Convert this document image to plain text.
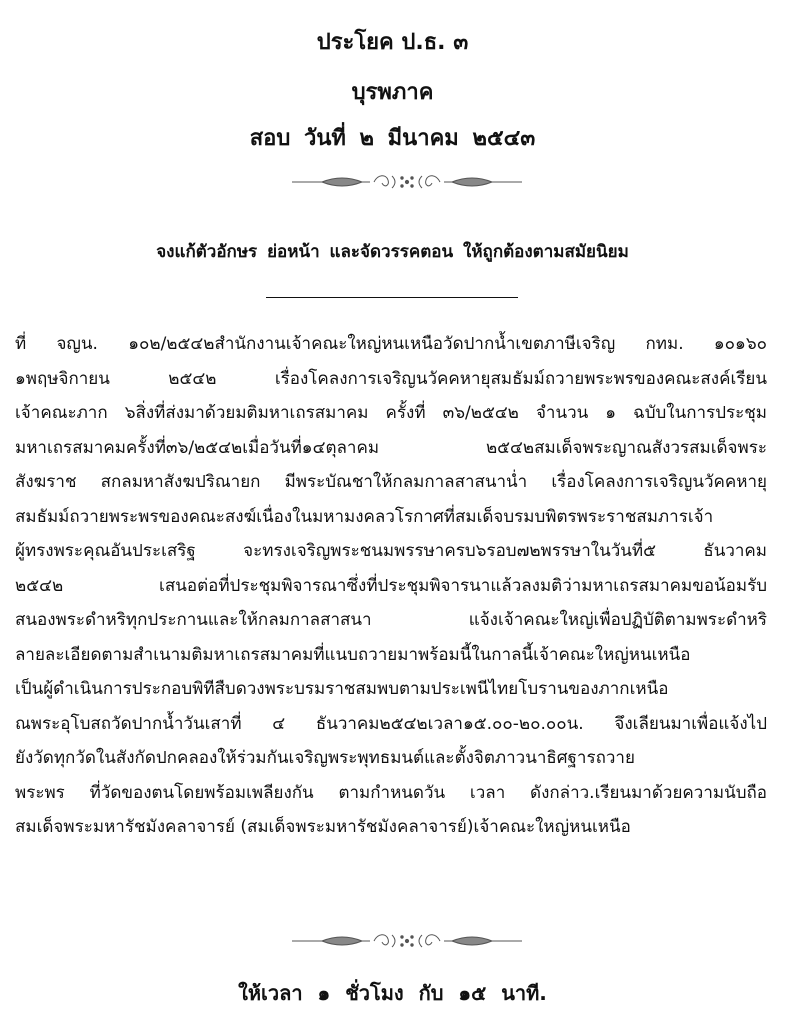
ประโยค ป.ธ. ๓
บุรพภาค
สอบ วันที่ ๒ มีนาคม ๒๕๔๓
จงแก้ตัวอักษร ย่อหน้า และจัดวรรคตอน ให้ถูกต้องตามสมัยนิยม
ที่ จญน. ๑๐๒/๒๕๔๒สำนักงานเจ้าคณะใหญ่หนเหนือวัดปากน้ำเขตภาษีเจริญ กทม. ๑๐๑๖๐
๑พฤษจิกายน ๒๕๔๒ เรื่องโคลงการเจริญนวัคคหายุสมธัมม์ถวายพระพรของคณะสงค์เรียน
เจ้าคณะภาก ๖สิ่งที่ส่งมาด้วยมติมหาเถรสมาคม ครั้งที่ ๓๖/๒๕๔๒ จำนวน ๑ ฉบับในการประชุม
มหาเถรสมาคมครั้งที่๓๖/๒๕๔๒เมื่อวันที่๑๔ตุลาคม ๒๕๔๒สมเด็จพระญาณสังวรสมเด็จพระ
สังฆราช สกลมหาสังฆปริณายก มีพระบัณชาให้กลมกาลสาสนาน่ำ เรื่องโคลงการเจริญนวัคคหายุ
สมธัมม์ถวายพระพรของคณะสงฆ์เนื่องในมหามงคลวโรกาศที่สมเด็จบรมบพิตรพระราชสมภารเจ้า
ผู้ทรงพระคุณอันประเสริฐ จะทรงเจริญพระชนมพรรษาครบ๖รอบ๗๒พรรษาในวันที่๕ ธันวาคม
๒๕๔๒ เสนอต่อที่ประชุมพิจารณาซึ่งที่ประชุมพิจารนาแล้วลงมติว่ามหาเถรสมาคมขอน้อมรับ
สนองพระดำหริทุกประกานและให้กลมกาลสาสนา แจ้งเจ้าคณะใหญ่เพื่อปฏิบัติตามพระดำหริ
ลายละเอียดตามสำเนามติมหาเถรสมาคมที่แนบถวายมาพร้อมนี้ในกาลนี้เจ้าคณะใหญ่หนเหนือ
เป็นผู้ดำเนินการประกอบพิทีสืบดวงพระบรมราชสมพบตามประเพนีไทยโบรานของภากเหนือ
ณพระอุโบสถวัดปากน้ำวันเสาที่ ๔ ธันวาคม๒๕๔๒เวลา๑๕.๐๐-๒๐.๐๐น. จึงเลียนมาเพื่อแจ้งไป
ยังวัดทุกวัดในสังกัดปกคลองให้ร่วมกันเจริญพระพุทธมนต์และตั้งจิตภาวนาธิศฐารถวาย
พระพร ที่วัดของตนโดยพร้อมเพลียงกัน ตามกำหนดวัน เวลา ดังกล่าว.เรียนมาด้วยความนับถือ
สมเด็จพระมหารัชมังคลาจารย์ (สมเด็จพระมหารัชมังคลาจารย์)เจ้าคณะใหญ่หนเหนือ
ให้เวลา ๑ ชั่วโมง กับ ๑๕ นาที.
